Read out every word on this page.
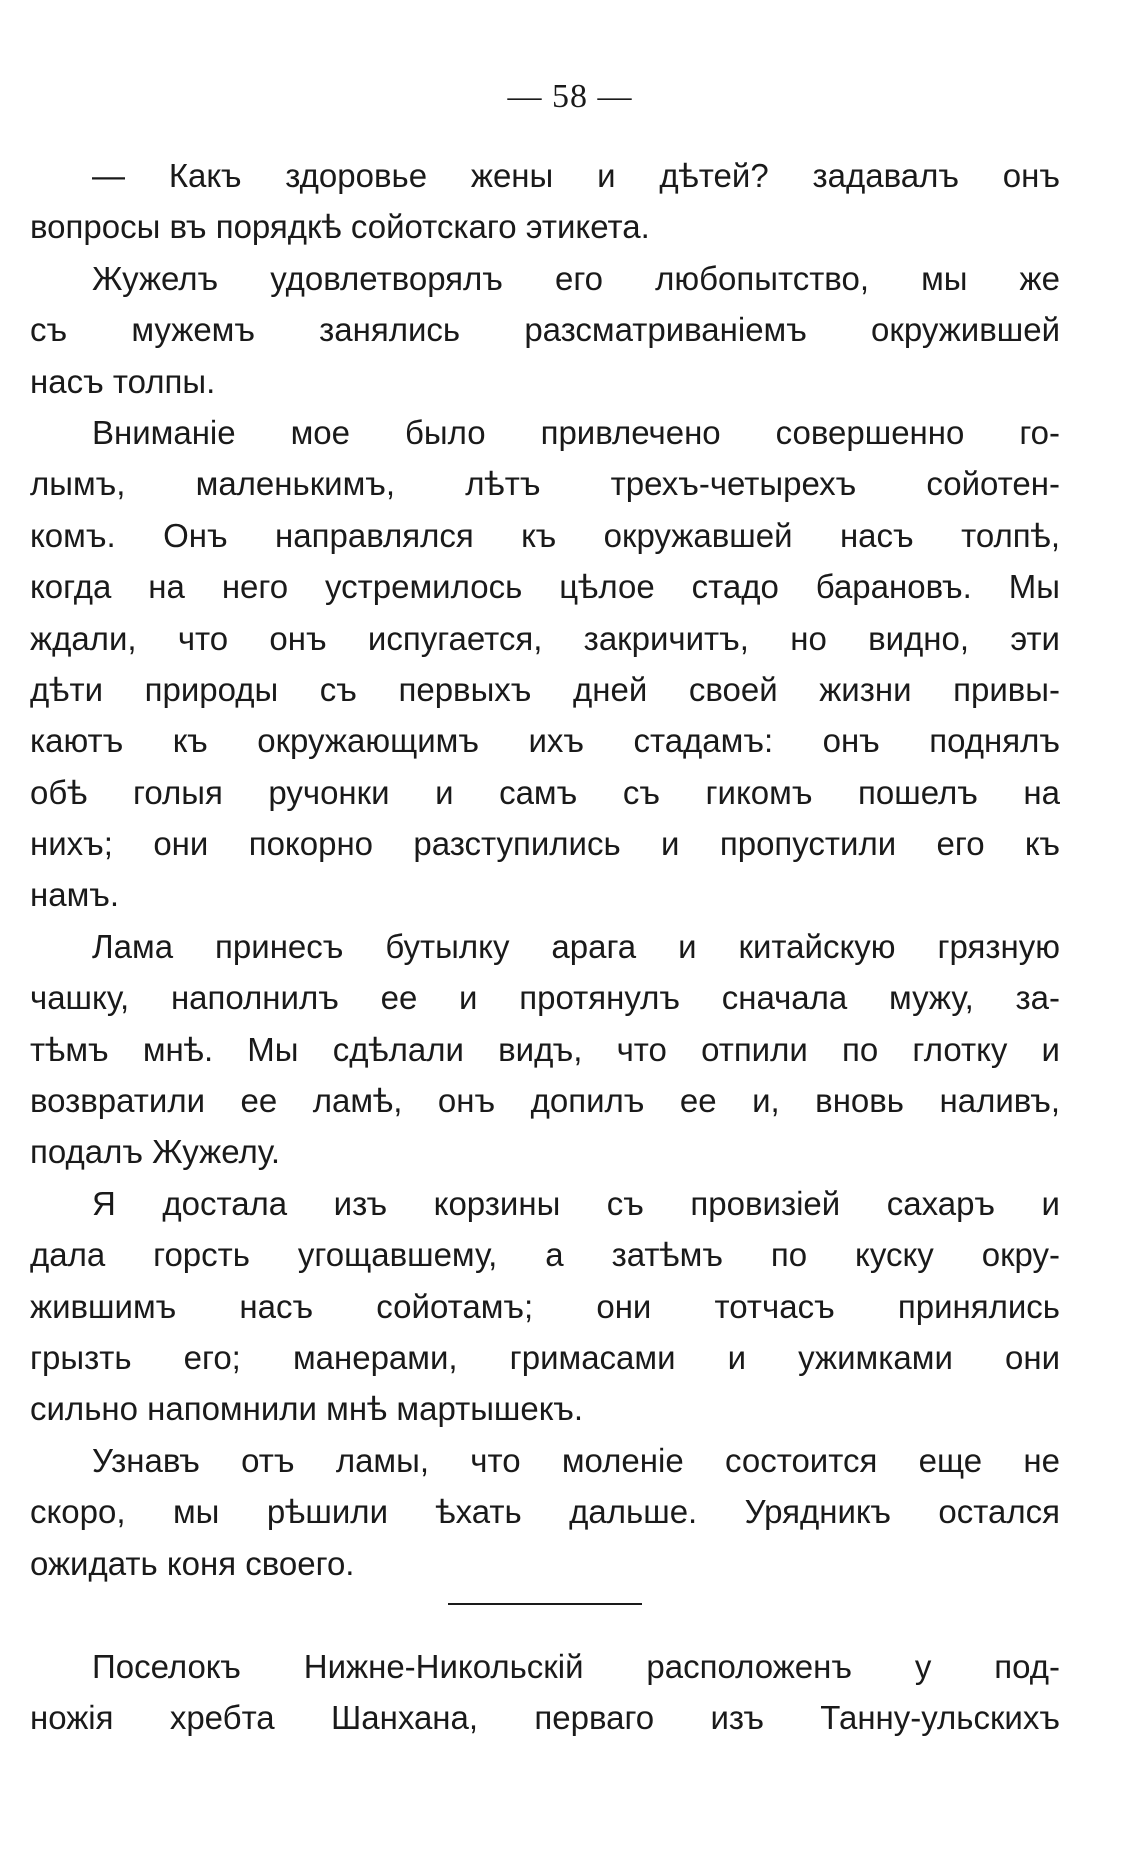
— 58 —
— Какъ здоровье жены и дѣтей? задавалъ онъ
вопросы въ порядкѣ сойотскаго этикета.
Жужелъ удовлетворялъ его любопытство, мы же
съ мужемъ занялись разсматриваніемъ окружившей
насъ толпы.
Вниманіе мое было привлечено совершенно го-
лымъ, маленькимъ, лѣтъ трехъ-четырехъ сойотен-
комъ. Онъ направлялся къ окружавшей насъ толпѣ,
когда на него устремилось цѣлое стадо барановъ. Мы
ждали, что онъ испугается, закричитъ, но видно, эти
дѣти природы съ первыхъ дней своей жизни привы-
каютъ къ окружающимъ ихъ стадамъ: онъ поднялъ
обѣ голыя ручонки и самъ съ гикомъ пошелъ на
нихъ; они покорно разступились и пропустили его къ
намъ.
Лама принесъ бутылку арага и китайскую грязную
чашку, наполнилъ ее и протянулъ сначала мужу, за-
тѣмъ мнѣ. Мы сдѣлали видъ, что отпили по глотку и
возвратили ее ламѣ, онъ допилъ ее и, вновь наливъ,
подалъ Жужелу.
Я достала изъ корзины съ провизіей сахаръ и
дала горсть угощавшему, а затѣмъ по куску окру-
жившимъ насъ сойотамъ; они тотчасъ принялись
грызть его; манерами, гримасами и ужимками они
сильно напомнили мнѣ мартышекъ.
Узнавъ отъ ламы, что моленіе состоится еще не
скоро, мы рѣшили ѣхать дальше. Урядникъ остался
ожидать коня своего.
Поселокъ Нижне-Никольскій расположенъ у под-
ножія хребта Шанхана, перваго изъ Танну-ульскихъ
